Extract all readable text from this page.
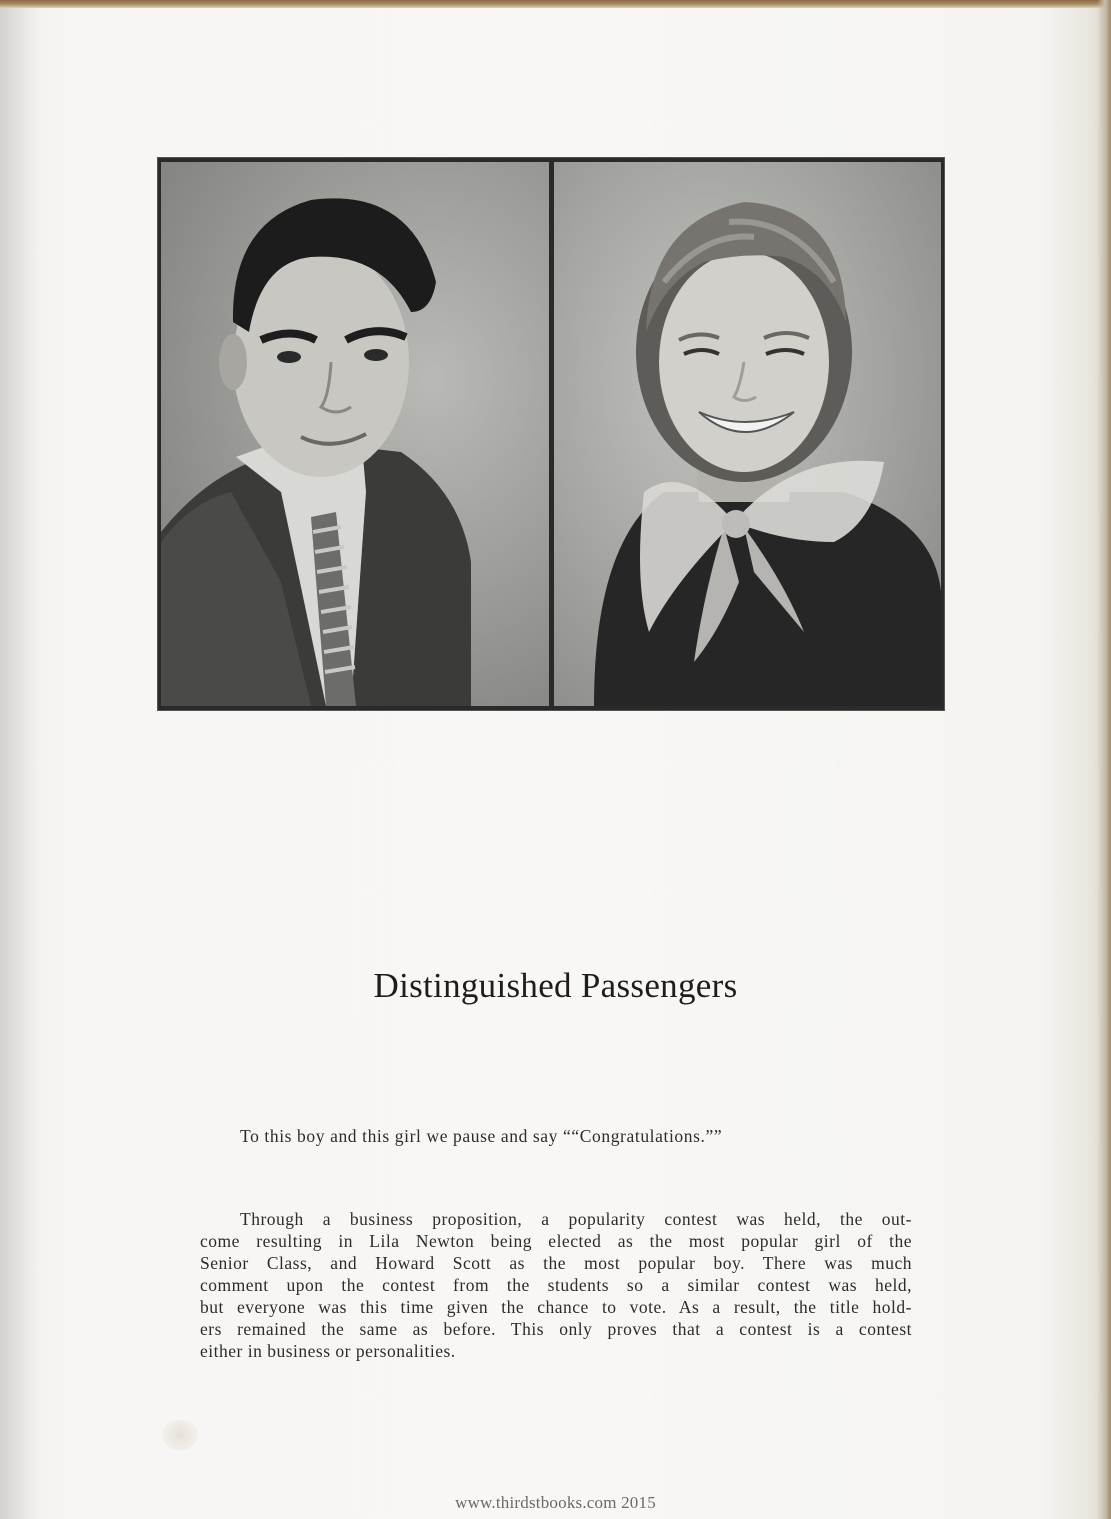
Distinguished Passengers
To this boy and this girl we pause and say ““Congratulations.””
Through a business proposition, a popularity contest was held, the out-
come resulting in Lila Newton being elected as the most popular girl of the
Senior Class, and Howard Scott as the most popular boy. There was much
comment upon the contest from the students so a similar contest was held,
but everyone was this time given the chance to vote. As a result, the title hold-
ers remained the same as before. This only proves that a contest is a contest
either in business or personalities.
www.thirdstbooks.com 2015
